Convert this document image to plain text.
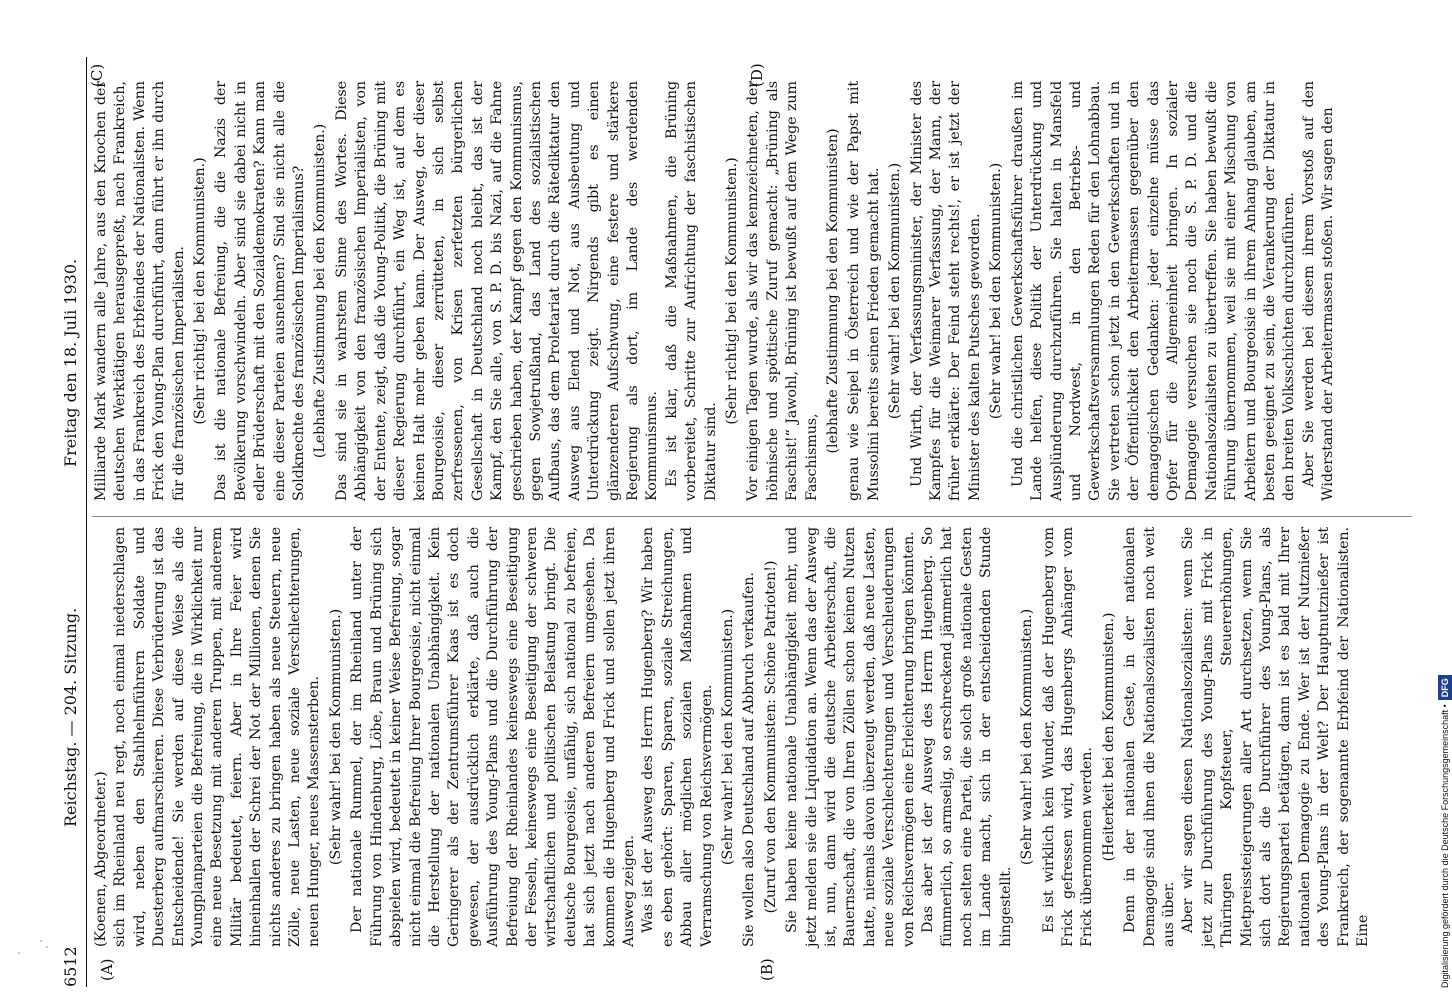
6512
Reichstag. — 204. Sitzung.
Freitag den 18. Juli 1930.
(A)	(B)
(C)	(D)

(Koenen, Abgeordneter.) sich im Rheinland neu regt, noch einmal niederschlagen wird, neben den Stahlhelmführern Soldate und Duesterberg aufmarschieren. Diese Verbrüderung ist das Entscheidende! Sie werden auf diese Weise als die Youngplanparteien die Befreiung, die in Wirklichkeit nur eine neue Besetzung mit anderen Truppen, mit anderem Militär bedeutet, feiern. Aber in Ihre Feier wird hineinhallen der Schrei der Not der Millionen, denen Sie nichts anderes zu bringen haben als neue Steuern, neue Zölle, neue Lasten, neue soziale Verschlechterungen, neuen Hunger, neues Massensterben. (Sehr wahr! bei den Kommunisten.) Der nationale Rummel, der im Rheinland unter der Führung von Hindenburg, Löbe, Braun und Brüning sich abspielen wird, bedeutet in keiner Weise Befreiung, sogar nicht einmal die Befreiung Ihrer Bourgeoisie, nicht einmal die Herstellung der nationalen Unabhängigkeit. Kein Geringerer als der Zentrumsführer Kaas ist es doch gewesen, der ausdrücklich erklärte, daß auch die Ausführung des Young-Plans und die Durchführung der Befreiung der Rheinlandes keineswegs eine Beseitigung der Fesseln, keineswegs eine Beseitigung der schweren wirtschaftlichen und politischen Belastung bringt. Die deutsche Bourgeoisie, unfähig, sich national zu befreien, hat sich jetzt nach anderen Befreiern umgesehen. Da kommen die Hugenberg und Frick und sollen jetzt ihren Ausweg zeigen. Was ist der Ausweg des Herrn Hugenberg? Wir haben es eben gehört: Sparen, Sparen, soziale Streichungen, Abbau aller möglichen sozialen Maßnahmen und Verramschung von Reichsvermögen. (Sehr wahr! bei den Kommunisten.) Sie wollen also Deutschland auf Abbruch verkaufen. (Zuruf von den Kommunisten: Schöne Patrioten!) Sie haben keine nationale Unabhängigkeit mehr, und jetzt melden sie die Liquidation an. Wenn das der Ausweg ist, nun, dann wird die deutsche Arbeiterschaft, die Bauernschaft, die von Ihren Zöllen schon keinen Nutzen hatte, niemals davon überzeugt werden, daß neue Lasten, neue soziale Verschlechterungen und Verschleuderungen von Reichsvermögen eine Erleichterung bringen könnten. Das aber ist der Ausweg des Herrn Hugenberg. So fümmerlich, so armselig, so erschreckend jämmerlich hat noch selten eine Partei, die solch große nationale Gesten im Lande macht, sich in der entscheidenden Stunde hingestellt.

(Sehr wahr! bei den Kommunisten.) Es ist wirklich kein Wunder, daß der Hugenberg vom Frick gefressen wird, das Hugenbergs Anhänger vom Frick übernommen werden. (Heiterkeit bei den Kommunisten.) Denn in der nationalen Geste, in der nationalen Demagogie sind ihnen die Nationalsozialisten noch weit aus über. Aber wir sagen diesen Nationalsozialisten: wenn Sie jetzt zur Durchführung des Young-Plans mit Frick in Thüringen Kopfsteuer, Steuererhöhungen, Mietpreissteigerungen aller Art durchsetzen, wenn Sie sich dort als die Durchführer des Young-Plans, als Regierungspartei betätigen, dann ist es bald mit Ihrer nationalen Demagogie zu Ende. Wer ist der Nutznießer des Young-Plans in der Welt? Der Hauptnutznießer ist Frankreich, der sogenannte Erbfeind der Nationalisten. Eine

Milliarde Mark wandern alle Jahre, aus den Knochen der deutschen Werktätigen herausgepreßt, nach Frankreich, in das Frankreich des Erbfeindes der Nationalisten. Wenn Frick den Young-Plan durchführt, dann führt er ihn durch für die französischen Imperialisten. (Sehr richtig! bei den Kommunisten.) Das ist die nationale Befreiung, die die Nazis der Bevölkerung vorschwindeln. Aber sind sie dabei nicht in edler Brüderschaft mit den Sozialdemokraten? Kann man eine dieser Parteien ausnehmen? Sind sie nicht alle die Soldknechte des französischen Imperialismus? (Lebhafte Zustimmung bei den Kommunisten.) Das sind sie in wahrstem Sinne des Wortes. Diese Abhängigkeit von den französischen Imperialisten, von der Entente, zeigt, daß die Young-Politik, die Brüning mit dieser Regierung durchführt, ein Weg ist, auf dem es keinen Halt mehr geben kann. Der Ausweg, der dieser Bourgeoisie, dieser zerrütteten, in sich selbst zerfressenen, von Krisen zerfetzten bürgerlichen Gesellschaft in Deutschland noch bleibt, das ist der Kampf, den Sie alle, von S. P. D. bis Nazi, auf die Fahne geschrieben haben, der Kampf gegen den Kommunismus, gegen Sowjetrußland, das Land des sozialistischen Aufbaus, das dem Proletariat durch die Rätediktatur den Ausweg aus Elend und Not, aus Ausbeutung und Unterdrückung zeigt. Nirgends gibt es einen glänzenderen Aufschwung, eine festere und stärkere Regierung als dort, im Lande des werdenden Kommunismus. Es ist klar, daß die Maßnahmen, die Brüning vorbereitet, Schritte zur Aufrichtung der faschistischen Diktatur sind.

(Sehr richtig! bei den Kommunisten.) Vor einigen Tagen wurde, als wir das kennzeichneten, der höhnische und spöttische Zuruf gemacht: „Brüning als Faschist!“ Jawohl, Brüning ist bewußt auf dem Wege zum Faschismus,

(lebhafte Zustimmung bei den Kommunisten) genau wie Seipel in Österreich und wie der Papst mit Mussolini bereits seinen Frieden gemacht hat. (Sehr wahr! bei den Kommunisten.) Und Wirth, der Verfassungsminister, der Minister des Kampfes für die Weimarer Verfassung, der Mann, der früher erklärte: Der Feind steht rechts!, er ist jetzt der Minister des kalten Putsches geworden. (Sehr wahr! bei den Kommunisten.) Und die christlichen Gewerkschaftsführer draußen im Lande helfen, diese Politik der Unterdrückung und Ausplünderung durchzuführen. Sie halten in Mansfeld und Nordwest, in den Betriebs- und Gewerkschaftsversammlungen Reden für den Lohnabbau. Sie vertreten schon jetzt in den Gewerkschaften und in der Öffentlichkeit den Arbeitermassen gegenüber den demagogischen Gedanken: jeder einzelne müsse das Opfer für die Allgemeinheit bringen. In sozialer Demagogie versuchen sie noch die S. P. D. und die Nationalsozialisten zu übertreffen. Sie haben bewußt die Führung übernommen, weil sie mit einer Mischung von Arbeitern und Bourgeoisie in ihrem Anhang glauben, am besten geeignet zu sein, die Verankerung der Diktatur in den breiten Volksschichten durchzuführen. Aber Sie werden bei diesem ihrem Vorstoß auf den Widerstand der Arbeitermassen stoßen. Wir sagen den

Digitalisierung gefördert durch die Deutsche Forschungsgemeinschaft •DFG
